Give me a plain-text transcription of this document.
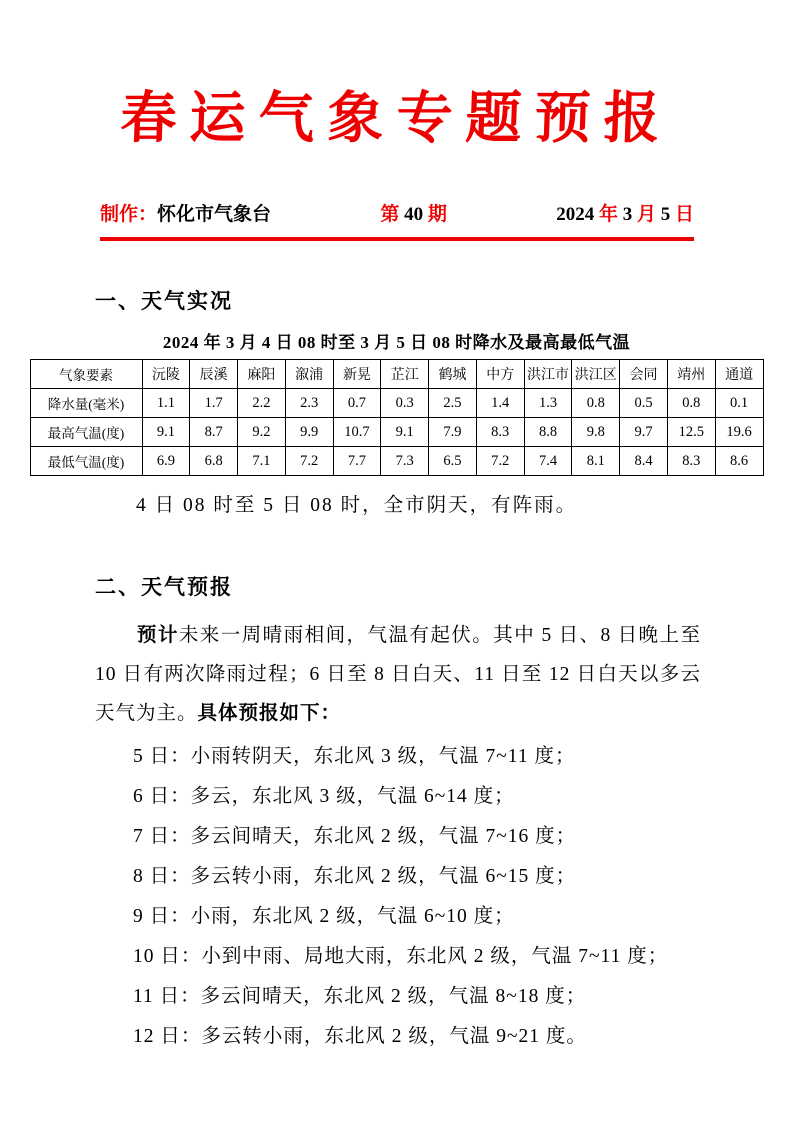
春运气象专题预报
制作：怀化市气象台	第 40 期	2024 年 3 月 5 日
一、天气实况
2024 年 3 月 4 日 08 时至 3 月 5 日 08 时降水及最高最低气温
气象要素	沅陵	辰溪	麻阳	溆浦	新晃	芷江	鹤城	中方	洪江市	洪江区	会同	靖州	通道
降水量(毫米)	1.1	1.7	2.2	2.3	0.7	0.3	2.5	1.4	1.3	0.8	0.5	0.8	0.1
最高气温(度)	9.1	8.7	9.2	9.9	10.7	9.1	7.9	8.3	8.8	9.8	9.7	12.5	19.6
最低气温(度)	6.9	6.8	7.1	7.2	7.7	7.3	6.5	7.2	7.4	8.1	8.4	8.3	8.6

4 日 08 时至 5 日 08 时，全市阴天，有阵雨。

二、天气预报

预计未来一周晴雨相间，气温有起伏。其中 5 日、8 日晚上至 10 日有两次降雨过程；6 日至 8 日白天、11 日至 12 日白天以多云天气为主。具体预报如下：

5 日：小雨转阴天，东北风 3 级，气温 7~11 度；

6 日：多云，东北风 3 级，气温 6~14 度；

7 日：多云间晴天，东北风 2 级，气温 7~16 度；

8 日：多云转小雨，东北风 2 级，气温 6~15 度；

9 日：小雨，东北风 2 级，气温 6~10 度；

10 日：小到中雨、局地大雨，东北风 2 级，气温 7~11 度；

11 日：多云间晴天，东北风 2 级，气温 8~18 度；

12 日：多云转小雨，东北风 2 级，气温 9~21 度。
